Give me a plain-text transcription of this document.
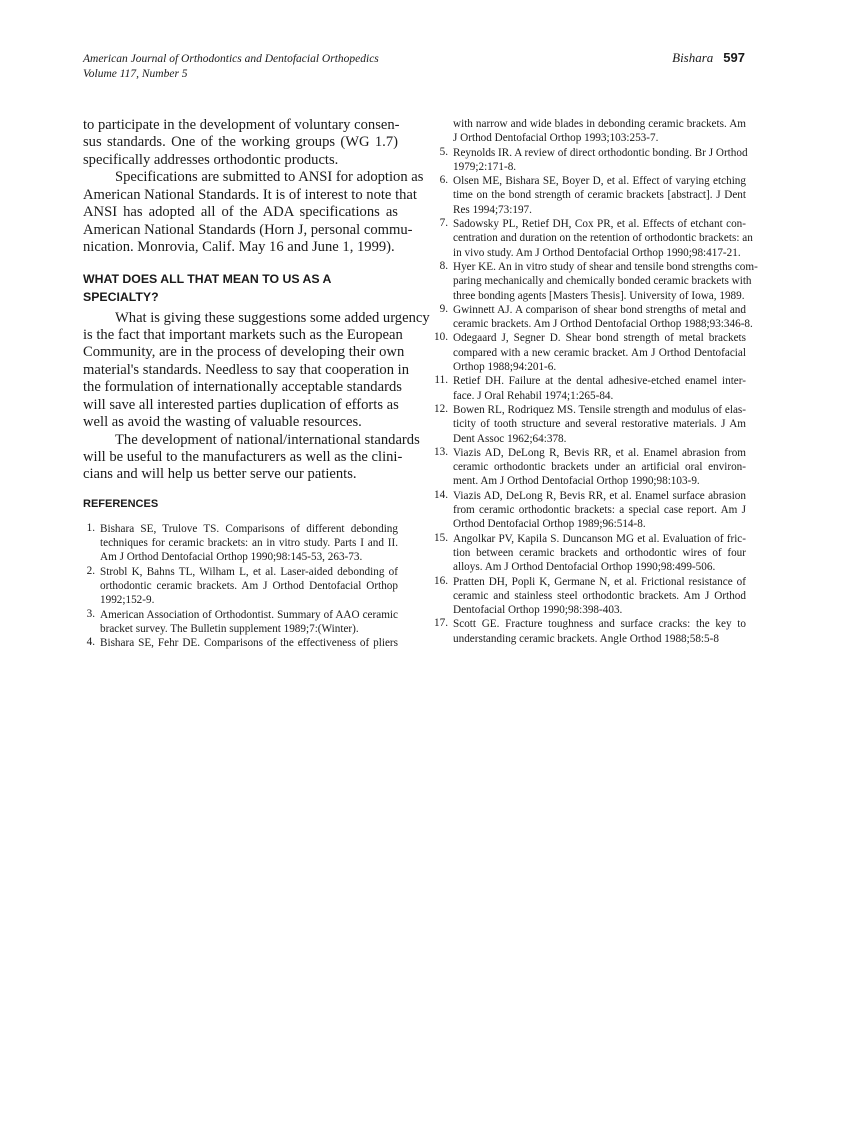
American Journal of Orthodontics and Dentofacial Orthopedics
Volume 117, Number 5
Bishara 597
to participate in the development of voluntary consen-
sus standards. One of the working groups (WG 1.7)
specifically addresses orthodontic products.
Specifications are submitted to ANSI for adoption as
American National Standards. It is of interest to note that
ANSI has adopted all of the ADA specifications as
American National Standards (Horn J, personal commu-
nication. Monrovia, Calif. May 16 and June 1, 1999).
WHAT DOES ALL THAT MEAN TO US AS A
SPECIALTY?
What is giving these suggestions some added urgency
is the fact that important markets such as the European
Community, are in the process of developing their own
material's standards. Needless to say that cooperation in
the formulation of internationally acceptable standards
will save all interested parties duplication of efforts as
well as avoid the wasting of valuable resources.
The development of national/international standards
will be useful to the manufacturers as well as the clini-
cians and will help us better serve our patients.
REFERENCES
1. Bishara SE, Trulove TS. Comparisons of different debonding
techniques for ceramic brackets: an in vitro study. Parts I and II.
Am J Orthod Dentofacial Orthop 1990;98:145-53, 263-73.
2. Strobl K, Bahns TL, Wilham L, et al. Laser-aided debonding of
orthodontic ceramic brackets. Am J Orthod Dentofacial Orthop
1992;152-9.
3. American Association of Orthodontist. Summary of AAO ceramic
bracket survey. The Bulletin supplement 1989;7:(Winter).
4. Bishara SE, Fehr DE. Comparisons of the effectiveness of pliers
with narrow and wide blades in debonding ceramic brackets. Am
J Orthod Dentofacial Orthop 1993;103:253-7.
5. Reynolds IR. A review of direct orthodontic bonding. Br J Orthod
1979;2:171-8.
6. Olsen ME, Bishara SE, Boyer D, et al. Effect of varying etching
time on the bond strength of ceramic brackets [abstract]. J Dent
Res 1994;73:197.
7. Sadowsky PL, Retief DH, Cox PR, et al. Effects of etchant con-
centration and duration on the retention of orthodontic brackets: an
in vivo study. Am J Orthod Dentofacial Orthop 1990;98:417-21.
8. Hyer KE. An in vitro study of shear and tensile bond strengths com-
paring mechanically and chemically bonded ceramic brackets with
three bonding agents [Masters Thesis]. University of Iowa, 1989.
9. Gwinnett AJ. A comparison of shear bond strengths of metal and
ceramic brackets. Am J Orthod Dentofacial Orthop 1988;93:346-8.
10. Odegaard J, Segner D. Shear bond strength of metal brackets
compared with a new ceramic bracket. Am J Orthod Dentofacial
Orthop 1988;94:201-6.
11. Retief DH. Failure at the dental adhesive-etched enamel inter-
face. J Oral Rehabil 1974;1:265-84.
12. Bowen RL, Rodriquez MS. Tensile strength and modulus of elas-
ticity of tooth structure and several restorative materials. J Am
Dent Assoc 1962;64:378.
13. Viazis AD, DeLong R, Bevis RR, et al. Enamel abrasion from
ceramic orthodontic brackets under an artificial oral environ-
ment. Am J Orthod Dentofacial Orthop 1990;98:103-9.
14. Viazis AD, DeLong R, Bevis RR, et al. Enamel surface abrasion
from ceramic orthodontic brackets: a special case report. Am J
Orthod Dentofacial Orthop 1989;96:514-8.
15. Angolkar PV, Kapila S. Duncanson MG et al. Evaluation of fric-
tion between ceramic brackets and orthodontic wires of four
alloys. Am J Orthod Dentofacial Orthop 1990;98:499-506.
16. Pratten DH, Popli K, Germane N, et al. Frictional resistance of
ceramic and stainless steel orthodontic brackets. Am J Orthod
Dentofacial Orthop 1990;98:398-403.
17. Scott GE. Fracture toughness and surface cracks: the key to
understanding ceramic brackets. Angle Orthod 1988;58:5-8
